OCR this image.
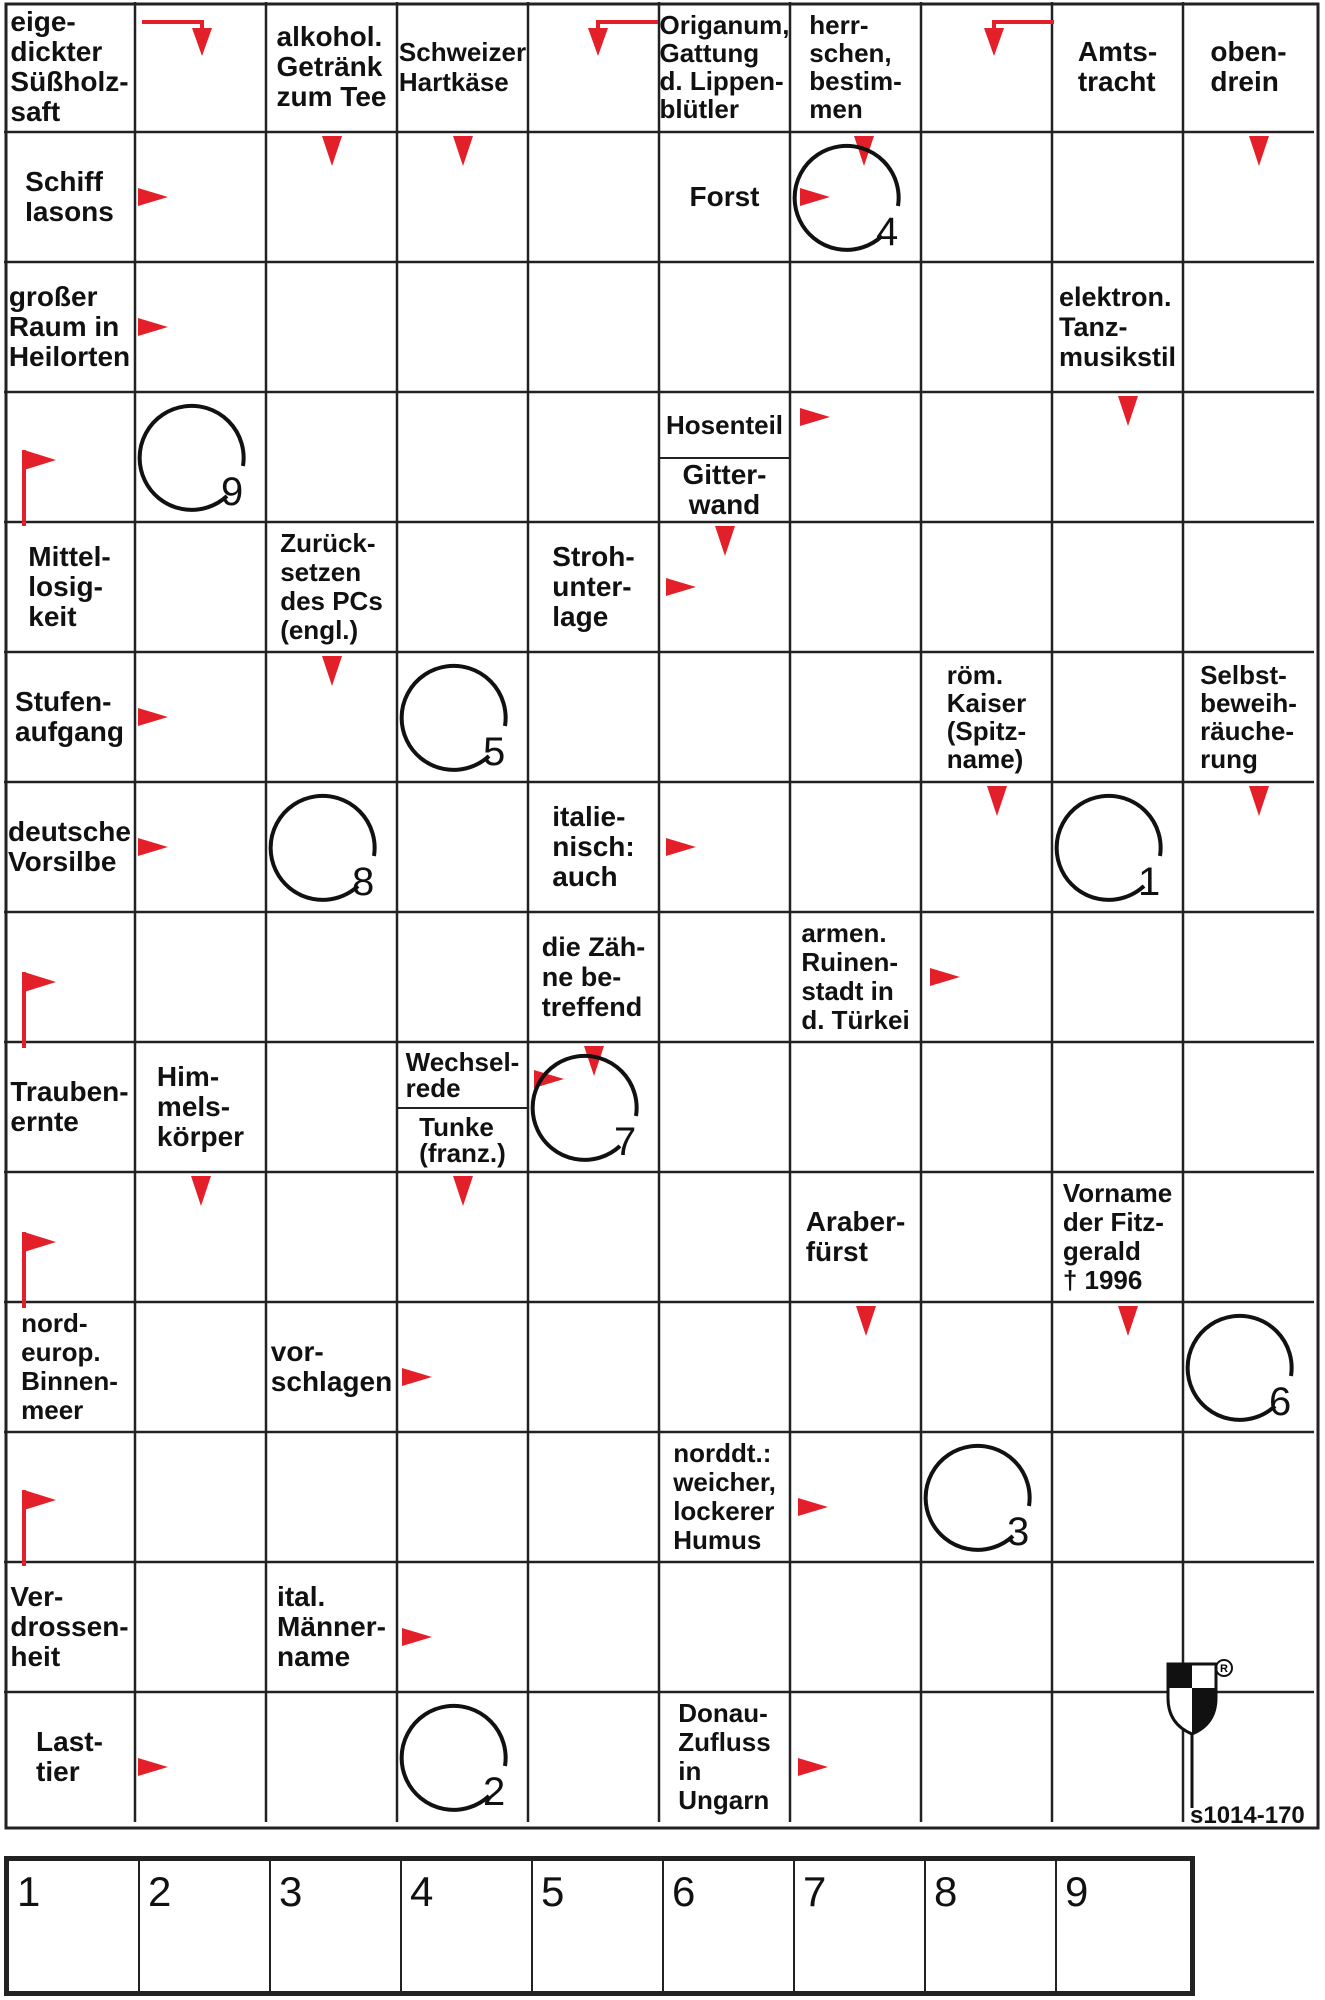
eige-
dickter
Süßholz-
saft
alkohol.
Getränk
zum Tee
Schweizer
Hartkäse
Origanum,
Gattung
d. Lippen-
blütler
herr-
schen,
bestim-
men
Amts-
tracht
oben-
drein
Schiff
Iasons	Forst
großer
Raum in
Heilorten
elektron.
Tanz-
musikstil
Hosenteil
Gitter-
wand
Mittel-
losig-
keit
Zurück-
setzen
des PCs
(engl.)
Stroh-
unter-
lage
Stufen-
aufgang
röm.
Kaiser
(Spitz-
name)
Selbst-
beweih-
räuche-
rung
deutsche
Vorsilbe
italie-
nisch:
auch
die Zäh-
ne be-
treffend
armen.
Ruinen-
stadt in
d. Türkei
Trauben-
ernte
Him-
mels-
körper
Wechsel-
rede
Tunke
(franz.)
Araber-
fürst
Vorname
der Fitz-
gerald
† 1996
nord-
europ.
Binnen-
meer
vor-
schlagen
norddt.:
weicher,
lockerer
Humus
Ver-
drossen-
heit
ital.
Männer-
name
Last-
tier
Donau-
Zufluss
in
Ungarn
1
2
3
4
5
6
7
8
9
R
s1014-170
1	2	3	4	5	6	7	8	9
